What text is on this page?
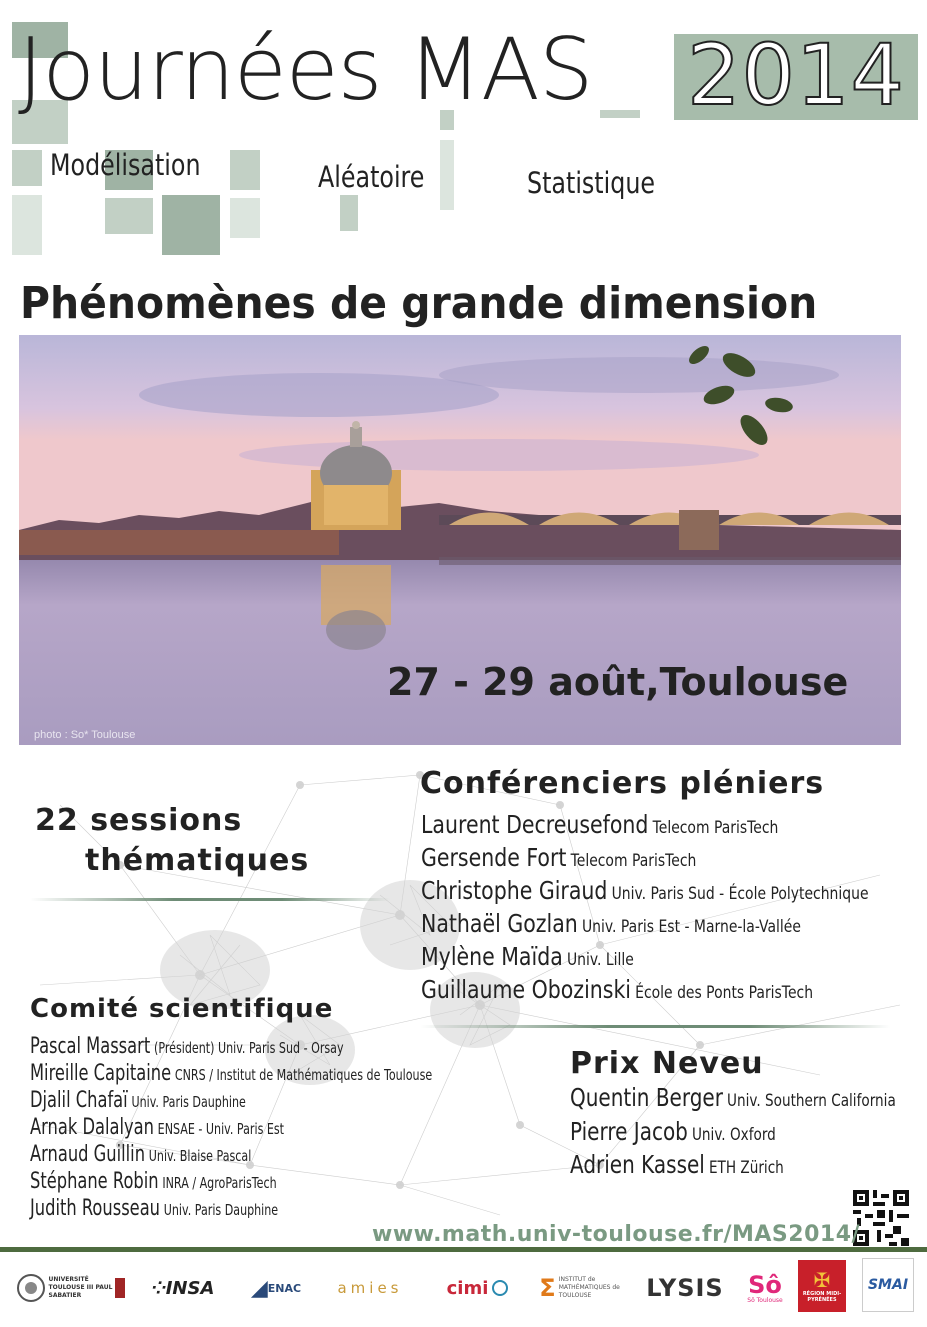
Journées MAS 2014
Modélisation	Aléatoire	Statistique
Phénomènes de grande dimension
27 - 29 août,Toulouse
photo : So* Toulouse
22 sessions
thématiques
Conférenciers pléniers
Laurent Decreusefond Telecom ParisTech
Gersende Fort Telecom ParisTech
Christophe Giraud Univ. Paris Sud - École Polytechnique
Nathaël Gozlan Univ. Paris Est - Marne-la-Vallée
Mylène Maïda Univ. Lille
Guillaume Obozinski École des Ponts ParisTech
Comité scientifique
Pascal Massart (Président) Univ. Paris Sud - Orsay
Mireille Capitaine CNRS / Institut de Mathématiques de Toulouse
Djalil Chafaï Univ. Paris Dauphine
Arnak Dalalyan ENSAE - Univ. Paris Est
Arnaud Guillin Univ. Blaise Pascal
Stéphane Robin INRA / AgroParisTech
Judith Rousseau Univ. Paris Dauphine
Prix Neveu
Quentin Berger Univ. Southern California
Pierre Jacob Univ. Oxford
Adrien Kassel ETH Zürich
www.math.univ-toulouse.fr/MAS2014/
UNIVERSITÉ TOULOUSE III PAUL SABATIER	⁘ INSA ◢ ENAC amies cimi Σ INSTITUT de MATHÉMATIQUES de TOULOUSE	LYSIS Sô
Sô Toulouse
✠
RÉGION MIDI-PYRÉNÉES
SMAI
